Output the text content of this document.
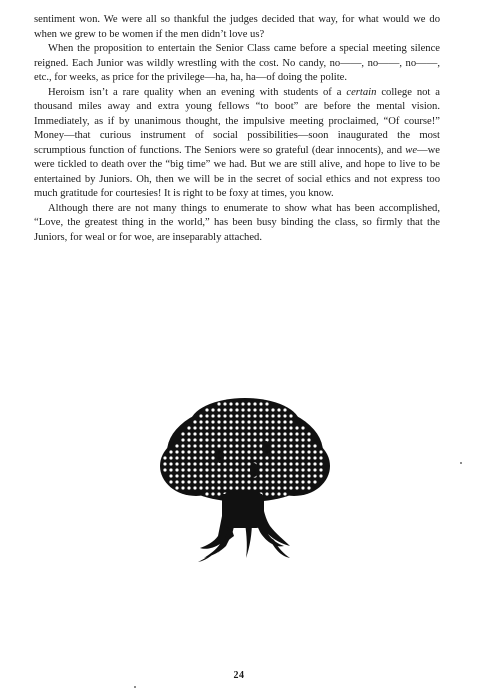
sentiment won. We were all so thankful the judges decided that way, for what would we do when we grew to be women if the men didn’t love us?

When the proposition to entertain the Senior Class came before a special meeting silence reigned. Each Junior was wildly wrestling with the cost. No candy, no——, no——, no——, etc., for weeks, as price for the privilege—ha, ha, ha—of doing the polite.

Heroism isn’t a rare quality when an evening with students of a certain college not a thousand miles away and extra young fellows “to boot” are before the mental vision. Immediately, as if by unanimous thought, the impulsive meeting proclaimed, “Of course!” Money—that curious instrument of social possibilities—soon inaugurated the most scrumptious function of functions. The Seniors were so grateful (dear innocents), and we—we were tickled to death over the “big time” we had. But we are still alive, and hope to live to be entertained by Juniors. Oh, then we will be in the secret of social ethics and not express too much gratitude for courtesies! It is right to be foxy at times, you know.

Although there are not many things to enumerate to show what has been accomplished, “Love, the greatest thing in the world,” has been busy binding the class, so firmly that the Juniors, for weal or for woe, are inseparably attached.

24
